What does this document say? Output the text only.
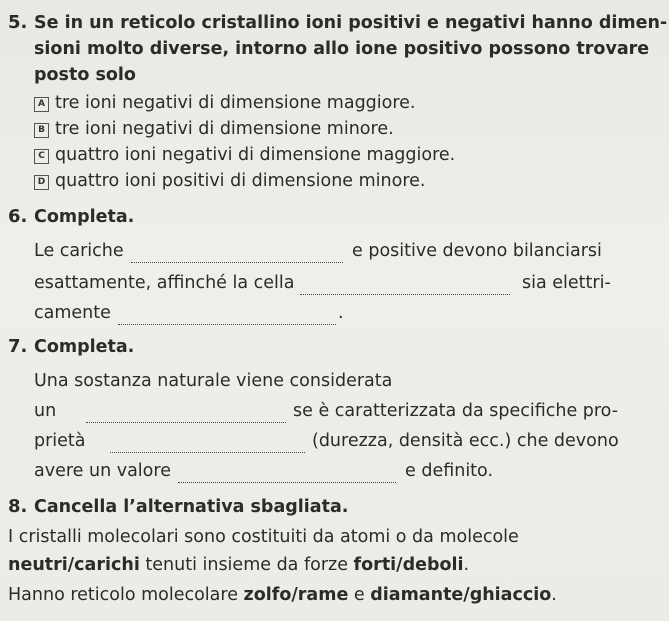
5. Se in un reticolo cristallino ioni positivi e negativi hanno dimen-
sioni molto diverse, intorno allo ione positivo possono trovare
posto solo
A tre ioni negativi di dimensione maggiore.
B tre ioni negativi di dimensione minore.
C quattro ioni negativi di dimensione maggiore.
D quattro ioni positivi di dimensione minore.
6. Completa.
Le cariche	e positive devono bilanciarsi
esattamente, affinché la cella	sia elettri-
camente	.
7. Completa.
Una sostanza naturale viene considerata
un	se è caratterizzata da specifiche pro-
prietà	(durezza, densità ecc.) che devono
avere un valore	e definito.
8. Cancella l’alternativa sbagliata.
I cristalli molecolari sono costituiti da atomi o da molecole
neutri/carichi tenuti insieme da forze forti/deboli.
Hanno reticolo molecolare zolfo/rame e diamante/ghiaccio.
